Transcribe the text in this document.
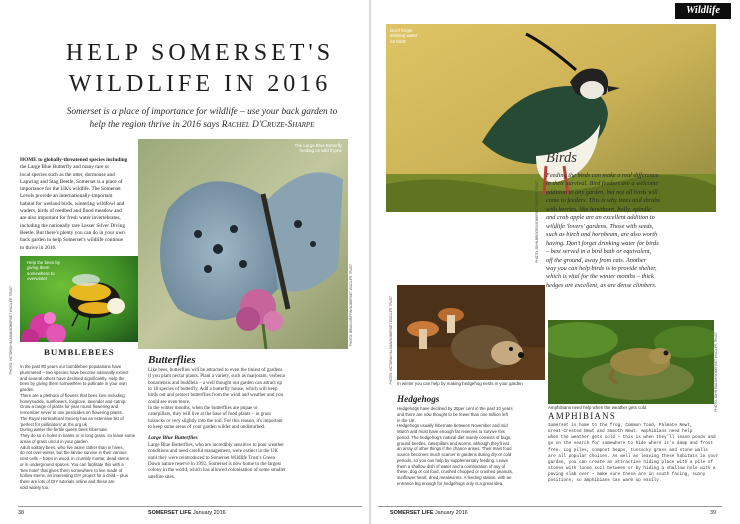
HELP SOMERSET'S
WILDLIFE IN 2016
Somerset is a place of importance for wildlife – use your back garden to
help the region thrive in 2016 says Rachel D'Cruze-Sharpe
HOME to globally-threatened species including
the Large Blue Butterfly and many rare or
local species such as the otter, dormouse and
Lapwing and Stag Beetle, Somerset is a place of
importance for the UK's wildlife. The Somerset
Levels provide an internationally-important
habitat for wetland birds, wintering wildfowl and
waders, birds of reedbed and flood meadow and
are also important for fresh water invertebrates,
including the nationally rare Lesser Silver Diving
Beetle. But there's plenty you can do in your own
back garden to help Somerset's wildlife continue
to thrive in 2016.
Help the bees by
giving them
somewhere to
overwinter
PHOTO: VICTORIA HILLMAN/SOMERSET WILDLIFE TRUST
BUMBLEBEES
In the past 80 years our bumblebee populations have
plummeted – two species have become nationally extinct
and several others have declined significantly. Help the
bees by giving them somewhere to pollinate in your own
garden.
There are a plethora of flowers that bees love including
honeysuckle, sunflowers, foxglove, lavender and catnip.
Grow a range of plants for year round flowering and
remember never to use pesticides on flowering plants.
The Royal Horticultural Society has an extensive list of
'perfect for pollinators' at rhs.org.uk
During winter the fertile queen bees hibernate.
They do so in holes in banks or in long grass, so leave some
areas of grass uncut in your garden.
Adult solitary bees, who live alone rather than in hives,
do not over-winter, but the larvae survive in their various
nest cells – holes in wood, in crumbly mortar, dead stems
or in underground spaces. You can facilitate this with a
'bee hotel' that gives them somewhere to live made of
hollow stems, an interesting DIY project for a child – plus
there are lots of DIY tutorials online and these are
sold widely too.
The Large Blue Butterfly
feeding on wild thyme
PHOTO: BRIAN GRIFFIN/SOMERSET WILDLIFE TRUST
Butterflies
Like bees, butterflies will be attracted to even the tiniest of gardens
if you plant nectar plants. Plant a variety, such as marjoram, verbena
bonariensis and buddleia – a well thought out garden can attract up
to 18 species of butterfly. Add a butterfly house, which will keep
birds out and protect butterflies from the wind and weather and you
could see even more.
In the winter months, when the butterflies are pupae or
caterpillars, they will live at the base of food plants – in grass
tussocks or very slightly into the soil. For this reason, it's important
to keep some areas of your garden wilder and undisturbed.
Large Blue Butterflies
Large Blue Butterflies, who are incredibly sensitive to poor weather
conditions and need careful management, were extinct in the UK
until they were reintroduced to Somerset Wildlife Trust's Green
Down nature reserve in 1992. Somerset is now home to the largest
colony in the world, which has allowed colonisation of some smaller
satellite sites.
38	SOMERSET LIFE January 2016
Wildlife
Don't forget
drinking water
for birds
PHOTO: JOHN BRIDGES/SOMERSET WILDLIFE TRUST
Birds
Feeding the birds can make a real difference
to their survival. Bird feeders are a welcome
addition to any garden, but not all birds will
come to feeders. This is why trees and shrubs
with berries, like hawthorn, holly, spindle
and crab apple are an excellent addition to
wildlife 'lovers' gardens. Those with seeds,
such as birch and hornbeam, are also worth
having. Don't forget drinking water for birds
– best served in a bird bath or equivalent,
off the ground, away from cats. Another
way you can help birds is to provide shelter,
which is vital for the winter months – thick
hedges are excellent, as are dense climbers.
PHOTO: VICTORIA HILLMAN/SOMERSET WILDLIFE TRUST In winter you can help by making hedgehog nests in your garden
Hedgehogs
Hedgehogs have declined by 30per cent in the past 10 years
and there are now thought to be fewer than one million left
in the UK.
Hedgehogs usually hibernate between November and mid
March and must have enough fat reserves to survive this
period. The hedgehog's natural diet mainly consists of bugs,
ground beetles, caterpillars and worms, although they'll eat
an array of other things if the chance arises. Their main food
source becomes much scarcer in gardens during dry or cold
periods, so you can help by supplementary feeding. Leave
them a shallow dish of water and a combination of any of
these: dog or cat food, crushed chopped or crushed peanuts,
sunflower heart, dried mealworms. A feeding station, with an
entrance big enough for hedgehogs only is a great idea.
PHOTO: JOHN WALSH/SOMERSET WILDLIFE TRUST
Amphibians need help when the weather gets cold
AMPHIBIANS
Somerset is home to the frog, Common Toad, Palmate Newt,
Great-Crested Newt and Smooth Newt. Amphibians need help
when the weather gets cold – this is when they'll leave ponds and
go on the search for somewhere to hide where it's damp and frost
free. Log piles, compost heaps, tussocky grass and stone walls
are all popular choices. As well as leaving these habitats in your
garden, you can create an attractive hiding place with a pile of
stones with loose soil between or by hiding a shallow hole with a
paving slab over – make sure these are in south facing, sunny
positions, so amphibians can warm up easily.
SOMERSET LIFE January 2016	39
